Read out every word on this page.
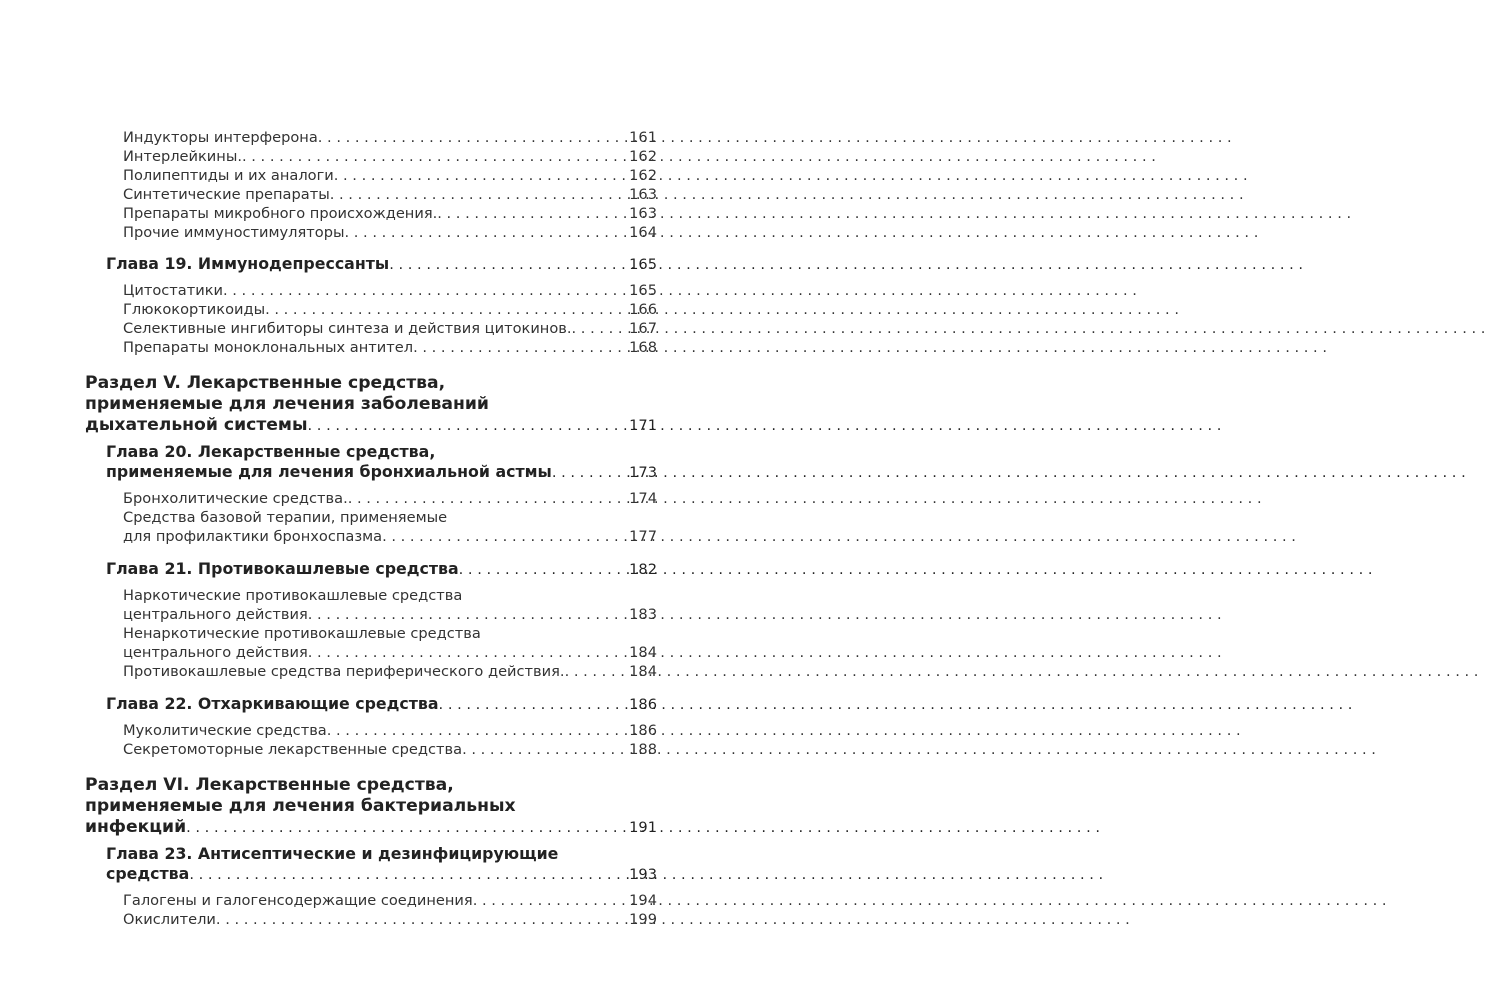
Индукторы интерферона . . .	161
Интерлейкины. . . .	162
Полипептиды и их аналоги . . .	162
Синтетические препараты . . .	163
Препараты микробного происхождения. . . .	163
Прочие иммуностимуляторы . . .	164
Глава 19. Иммунодепрессанты . . .	165
Цитостатики . . .	165
Глюкокортикоиды . . .	166
Селективные ингибиторы синтеза и действия цитокинов. . . .	167
Препараты моноклональных антител . . .	168
Раздел V. Лекарственные средства,
применяемые для лечения заболеваний
дыхательной системы . . .	171
Глава 20. Лекарственные средства,
применяемые для лечения бронхиальной астмы . . .	173
Бронхолитические средства. . . .	174
Средства базовой терапии, применяемые
для профилактики бронхоспазма . . .	177
Глава 21. Противокашлевые средства . . .	182
Наркотические противокашлевые средства
центрального действия . . .	183
Ненаркотические противокашлевые средства
центрального действия . . .	184
Противокашлевые средства периферического действия. . . .	184
Глава 22. Отхаркивающие средства . . .	186
Муколитические средства . . .	186
Секретомоторные лекарственные средства . . .	188
Раздел VI. Лекарственные средства,
применяемые для лечения бактериальных
инфекций . . .	191
Глава 23. Антисептические и дезинфицирующие
средства . . .	193
Галогены и галогенсодержащие соединения . . .	194
Окислители . . .	199
